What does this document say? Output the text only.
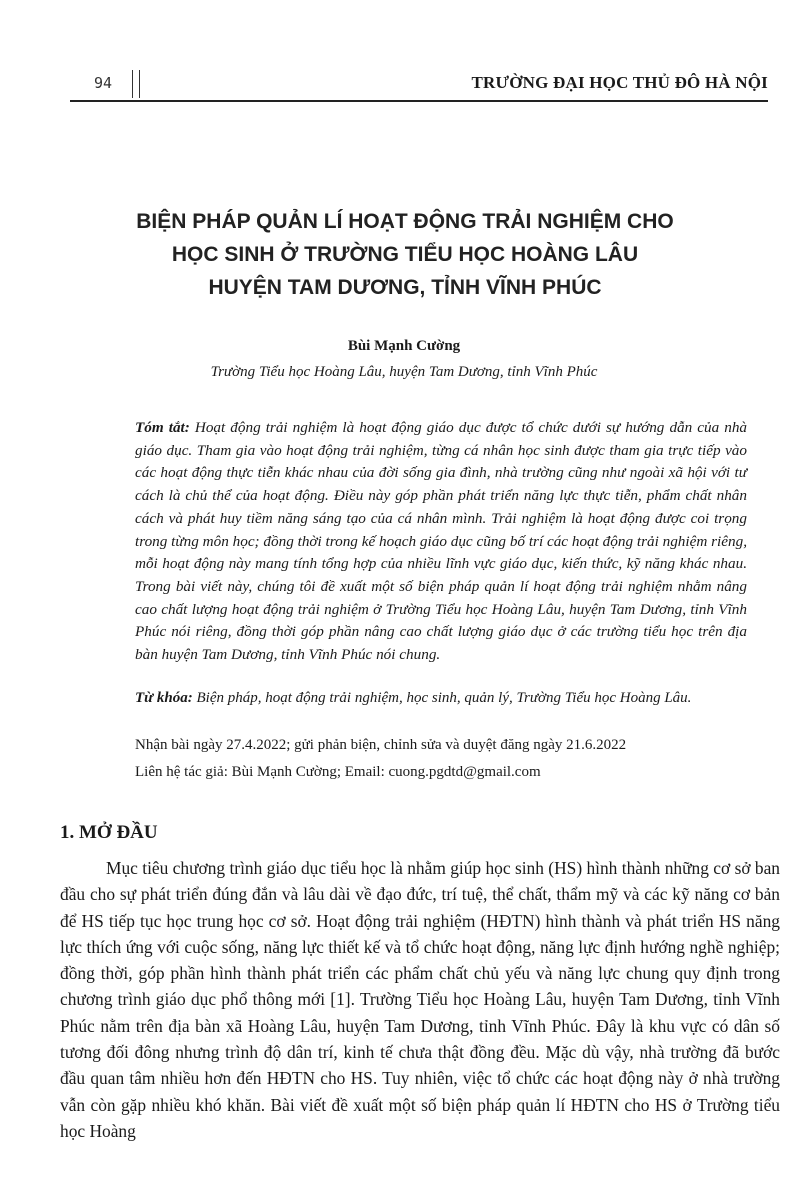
94	TRƯỜNG ĐẠI HỌC THỦ ĐÔ HÀ NỘI
BIỆN PHÁP QUẢN LÍ HOẠT ĐỘNG TRẢI NGHIỆM CHO
HỌC SINH Ở TRƯỜNG TIỂU HỌC HOÀNG LÂU
HUYỆN TAM DƯƠNG, TỈNH VĨNH PHÚC
Bùi Mạnh Cường
Trường Tiểu học Hoàng Lâu, huyện Tam Dương, tỉnh Vĩnh Phúc
Tóm tắt: Hoạt động trải nghiệm là hoạt động giáo dục được tổ chức dưới sự hướng dẫn của nhà giáo dục. Tham gia vào hoạt động trải nghiệm, từng cá nhân học sinh được tham gia trực tiếp vào các hoạt động thực tiễn khác nhau của đời sống gia đình, nhà trường cũng như ngoài xã hội với tư cách là chủ thể của hoạt động. Điều này góp phần phát triển năng lực thực tiễn, phẩm chất nhân cách và phát huy tiềm năng sáng tạo của cá nhân mình. Trải nghiệm là hoạt động được coi trọng trong từng môn học; đồng thời trong kế hoạch giáo dục cũng bố trí các hoạt động trải nghiệm riêng, mỗi hoạt động này mang tính tổng hợp của nhiều lĩnh vực giáo dục, kiến thức, kỹ năng khác nhau. Trong bài viết này, chúng tôi đề xuất một số biện pháp quản lí hoạt động trải nghiệm nhằm nâng cao chất lượng hoạt động trải nghiệm ở Trường Tiểu học Hoàng Lâu, huyện Tam Dương, tỉnh Vĩnh Phúc nói riêng, đồng thời góp phần nâng cao chất lượng giáo dục ở các trường tiểu học trên địa bàn huyện Tam Dương, tỉnh Vĩnh Phúc nói chung.
Từ khóa: Biện pháp, hoạt động trải nghiệm, học sinh, quản lý, Trường Tiểu học Hoàng Lâu.
Nhận bài ngày 27.4.2022; gửi phản biện, chỉnh sửa và duyệt đăng ngày 21.6.2022
Liên hệ tác giả: Bùi Mạnh Cường; Email: cuong.pgdtd@gmail.com
1. MỞ ĐẦU

Mục tiêu chương trình giáo dục tiểu học là nhằm giúp học sinh (HS) hình thành những cơ sở ban đầu cho sự phát triển đúng đắn và lâu dài về đạo đức, trí tuệ, thể chất, thẩm mỹ và các kỹ năng cơ bản để HS tiếp tục học trung học cơ sở. Hoạt động trải nghiệm (HĐTN) hình thành và phát triển HS năng lực thích ứng với cuộc sống, năng lực thiết kế và tổ chức hoạt động, năng lực định hướng nghề nghiệp; đồng thời, góp phần hình thành phát triển các phẩm chất chủ yếu và năng lực chung quy định trong chương trình giáo dục phổ thông mới [1]. Trường Tiểu học Hoàng Lâu, huyện Tam Dương, tỉnh Vĩnh Phúc nằm trên địa bàn xã Hoàng Lâu, huyện Tam Dương, tỉnh Vĩnh Phúc. Đây là khu vực có dân số tương đối đông nhưng trình độ dân trí, kinh tế chưa thật đồng đều. Mặc dù vậy, nhà trường đã bước đầu quan tâm nhiều hơn đến HĐTN cho HS. Tuy nhiên, việc tổ chức các hoạt động này ở nhà trường vẫn còn gặp nhiều khó khăn. Bài viết đề xuất một số biện pháp quản lí HĐTN cho HS ở Trường tiểu học Hoàng
